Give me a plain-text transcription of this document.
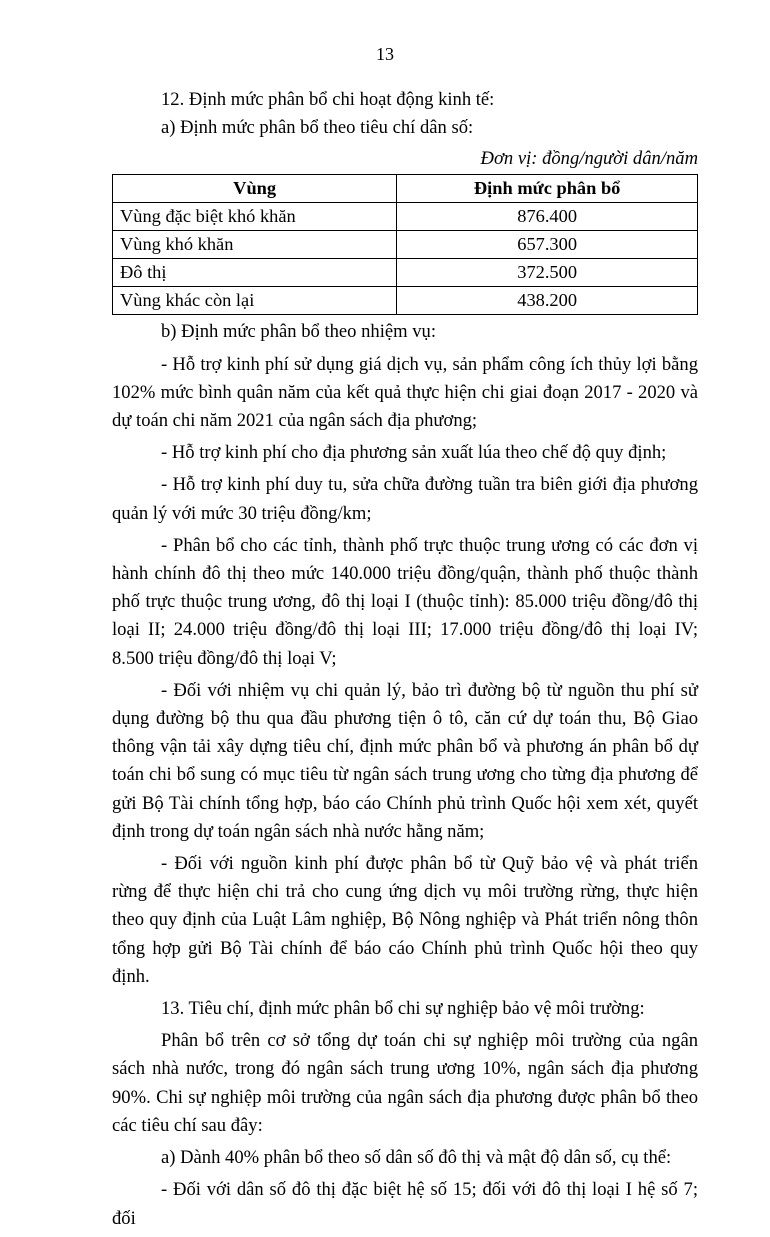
13

12. Định mức phân bổ chi hoạt động kinh tế:

a) Định mức phân bổ theo tiêu chí dân số:

Đơn vị: đồng/người dân/năm

Vùng	Định mức phân bổ
Vùng đặc biệt khó khăn	876.400
Vùng khó khăn	657.300
Đô thị	372.500
Vùng khác còn lại	438.200

b) Định mức phân bổ theo nhiệm vụ:

- Hỗ trợ kinh phí sử dụng giá dịch vụ, sản phẩm công ích thủy lợi bằng 102% mức bình quân năm của kết quả thực hiện chi giai đoạn 2017 - 2020 và dự toán chi năm 2021 của ngân sách địa phương;

- Hỗ trợ kinh phí cho địa phương sản xuất lúa theo chế độ quy định;

- Hỗ trợ kinh phí duy tu, sửa chữa đường tuần tra biên giới địa phương quản lý với mức 30 triệu đồng/km;

- Phân bổ cho các tỉnh, thành phố trực thuộc trung ương có các đơn vị hành chính đô thị theo mức 140.000 triệu đồng/quận, thành phố thuộc thành phố trực thuộc trung ương, đô thị loại I (thuộc tỉnh): 85.000 triệu đồng/đô thị loại II; 24.000 triệu đồng/đô thị loại III; 17.000 triệu đồng/đô thị loại IV; 8.500 triệu đồng/đô thị loại V;

- Đối với nhiệm vụ chi quản lý, bảo trì đường bộ từ nguồn thu phí sử dụng đường bộ thu qua đầu phương tiện ô tô, căn cứ dự toán thu, Bộ Giao thông vận tải xây dựng tiêu chí, định mức phân bổ và phương án phân bổ dự toán chi bổ sung có mục tiêu từ ngân sách trung ương cho từng địa phương để gửi Bộ Tài chính tổng hợp, báo cáo Chính phủ trình Quốc hội xem xét, quyết định trong dự toán ngân sách nhà nước hằng năm;

- Đối với nguồn kinh phí được phân bổ từ Quỹ bảo vệ và phát triển rừng để thực hiện chi trả cho cung ứng dịch vụ môi trường rừng, thực hiện theo quy định của Luật Lâm nghiệp, Bộ Nông nghiệp và Phát triển nông thôn tổng hợp gửi Bộ Tài chính để báo cáo Chính phủ trình Quốc hội theo quy định.

13. Tiêu chí, định mức phân bổ chi sự nghiệp bảo vệ môi trường:

Phân bổ trên cơ sở tổng dự toán chi sự nghiệp môi trường của ngân sách nhà nước, trong đó ngân sách trung ương 10%, ngân sách địa phương 90%. Chi sự nghiệp môi trường của ngân sách địa phương được phân bổ theo các tiêu chí sau đây:

a) Dành 40% phân bổ theo số dân số đô thị và mật độ dân số, cụ thể:

- Đối với dân số đô thị đặc biệt hệ số 15; đối với đô thị loại I hệ số 7; đối
